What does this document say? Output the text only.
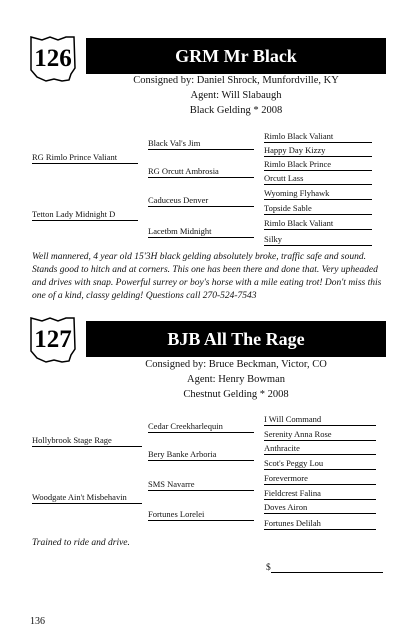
126	GRM Mr Black
Consigned by: Daniel Shrock, Munfordville, KY
Agent: Will Slabaugh
Black Gelding * 2008
RG Rimlo Prince Valiant
Tetton Lady Midnight D
Black Val's Jim
RG Orcutt Ambrosia
Caduceus Denver
Lacetbm Midnight
Rimlo Black Valiant
Happy Day Kizzy
Rimlo Black Prince
Orcutt Lass
Wyoming Flyhawk
Topside Sable
Rimlo Black Valiant
Silky
Well mannered, 4 year old 15'3H black gelding absolutely broke, traffic safe and sound. Stands good to hitch and at corners. This one has been there and done that. Very upheaded and drives with snap. Powerful surrey or boy's horse with a mile eating trot! Don't miss this one of a kind, classy gelding! Questions call 270-524-7543
127	BJB All The Rage
Consigned by: Bruce Beckman, Victor, CO
Agent: Henry Bowman
Chestnut Gelding * 2008
Hollybrook Stage Rage
Woodgate Ain't Misbehavin
Cedar Creekharlequin
Bery Banke Arboria
SMS Navarre
Fortunes Lorelei
I Will Command
Serenity Anna Rose
Anthracite
Scot's Peggy Lou
Forevermore
Fieldcrest Falina
Doves Airon
Fortunes Delilah
Trained to ride and drive.
$
136
